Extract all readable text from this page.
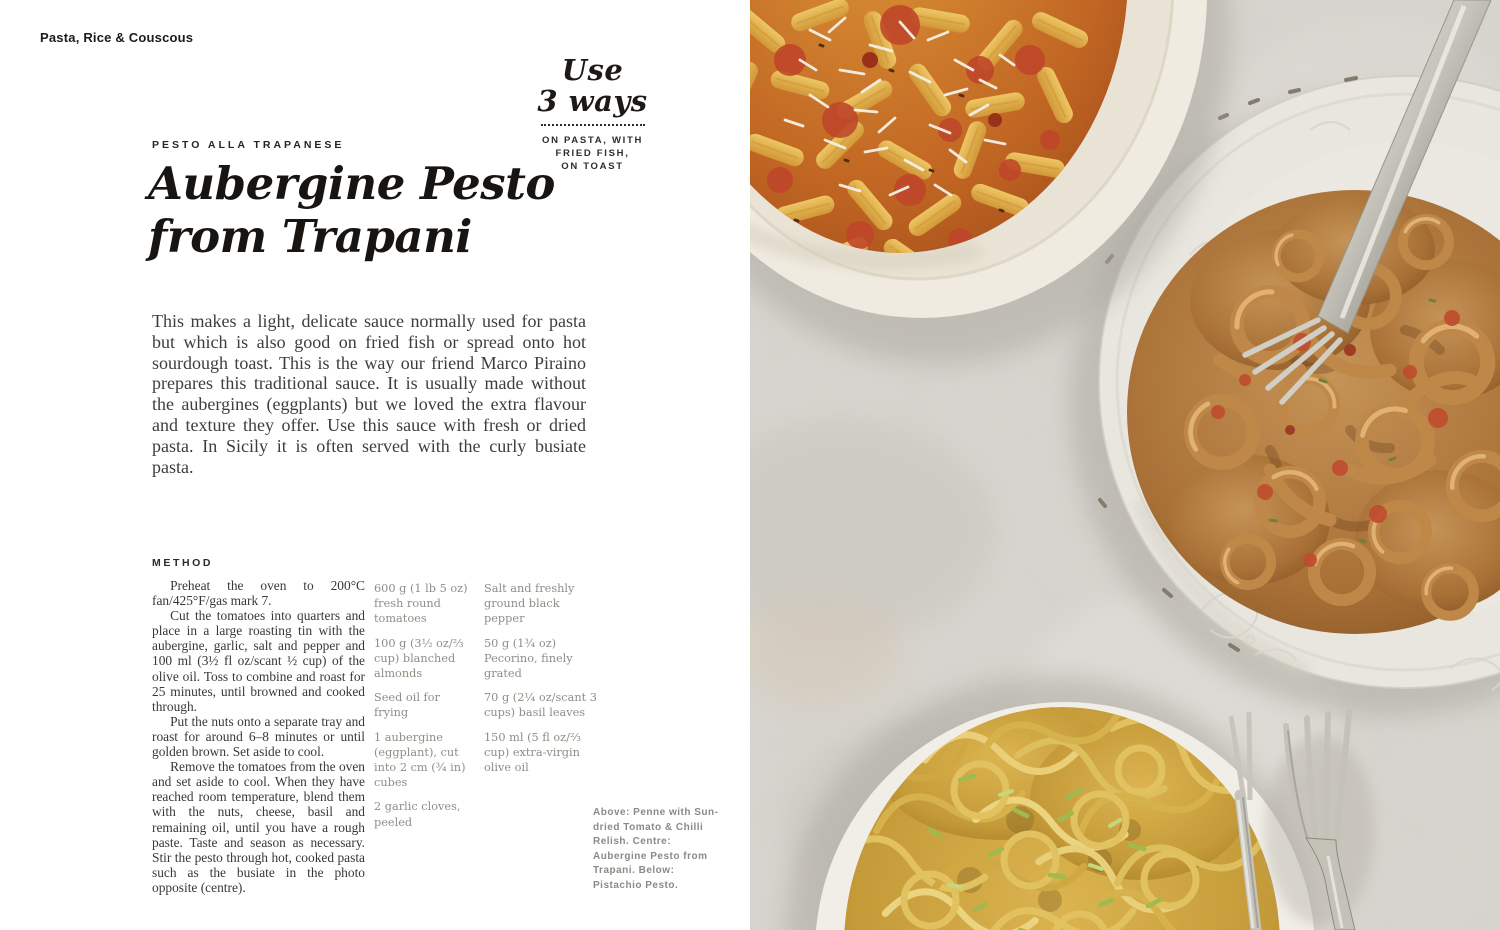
Pasta, Rice & Couscous
Use
3 ways
ON PASTA, WITH
FRIED FISH,
ON TOAST
PESTO ALLA TRAPANESE
Aubergine Pesto
from Trapani
This makes a light, delicate sauce normally used for pasta but which is also good on fried fish or spread onto hot sourdough toast. This is the way our friend Marco Piraino prepares this traditional sauce. It is usually made without the aubergines (eggplants) but we loved the extra flavour and texture they offer. Use this sauce with fresh or dried pasta. In Sicily it is often served with the curly busiate pasta.
METHOD

Preheat the oven to 200°C fan/425°F/gas mark 7.

Cut the tomatoes into quarters and place in a large roasting tin with the aubergine, garlic, salt and pepper and 100 ml (3½ fl oz/scant ½ cup) of the olive oil. Toss to combine and roast for 25 minutes, until browned and cooked through.

Put the nuts onto a separate tray and roast for around 6–8 minutes or until golden brown. Set aside to cool.

Remove the tomatoes from the oven and set aside to cool. When they have reached room temperature, blend them with the nuts, cheese, basil and remaining oil, until you have a rough paste. Taste and season as necessary. Stir the pesto through hot, cooked pasta such as the busiate in the photo opposite (centre).

600 g (1 lb 5 oz) fresh round tomatoes

100 g (3½ oz/⅔ cup) blanched almonds

Seed oil for frying

1 aubergine (eggplant), cut into 2 cm (¾ in) cubes

2 garlic cloves, peeled

Salt and freshly ground black pepper

50 g (1¾ oz) Pecorino, finely grated

70 g (2¼ oz/scant 3 cups) basil leaves

150 ml (5 fl oz/⅔ cup) extra-virgin olive oil

Above: Penne with Sun-dried Tomato & Chilli Relish. Centre: Aubergine Pesto from Trapani. Below: Pistachio Pesto.
